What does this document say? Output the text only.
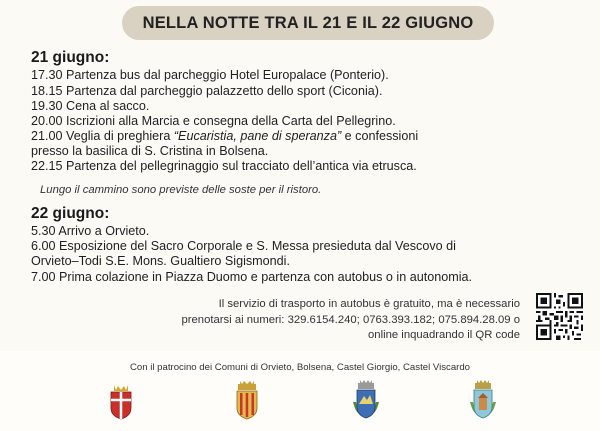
NELLA NOTTE TRA IL 21 E IL 22 GIUGNO
21 giugno:
17.30 Partenza bus dal parcheggio Hotel Europalace (Ponterio).
18.15 Partenza dal parcheggio palazzetto dello sport (Ciconia).
19.30 Cena al sacco.
20.00 Iscrizioni alla Marcia e consegna della Carta del Pellegrino.
21.00 Veglia di preghiera “Eucaristia, pane di speranza” e confessioni
presso la basilica di S. Cristina in Bolsena.
22.15 Partenza del pellegrinaggio sul tracciato dell’antica via etrusca.
Lungo il cammino sono previste delle soste per il ristoro.
22 giugno:
5.30 Arrivo a Orvieto.
6.00 Esposizione del Sacro Corporale e S. Messa presieduta dal Vescovo di
Orvieto–Todi S.E. Mons. Gualtiero Sigismondi.
7.00 Prima colazione in Piazza Duomo e partenza con autobus o in autonomia.
Il servizio di trasporto in autobus è gratuito, ma è necessario
prenotarsi ai numeri: 329.6154.240; 0763.393.182; 075.894.28.09 o
online inquadrando il QR code
Con il patrocino dei Comuni di Orvieto, Bolsena, Castel Giorgio, Castel Viscardo
